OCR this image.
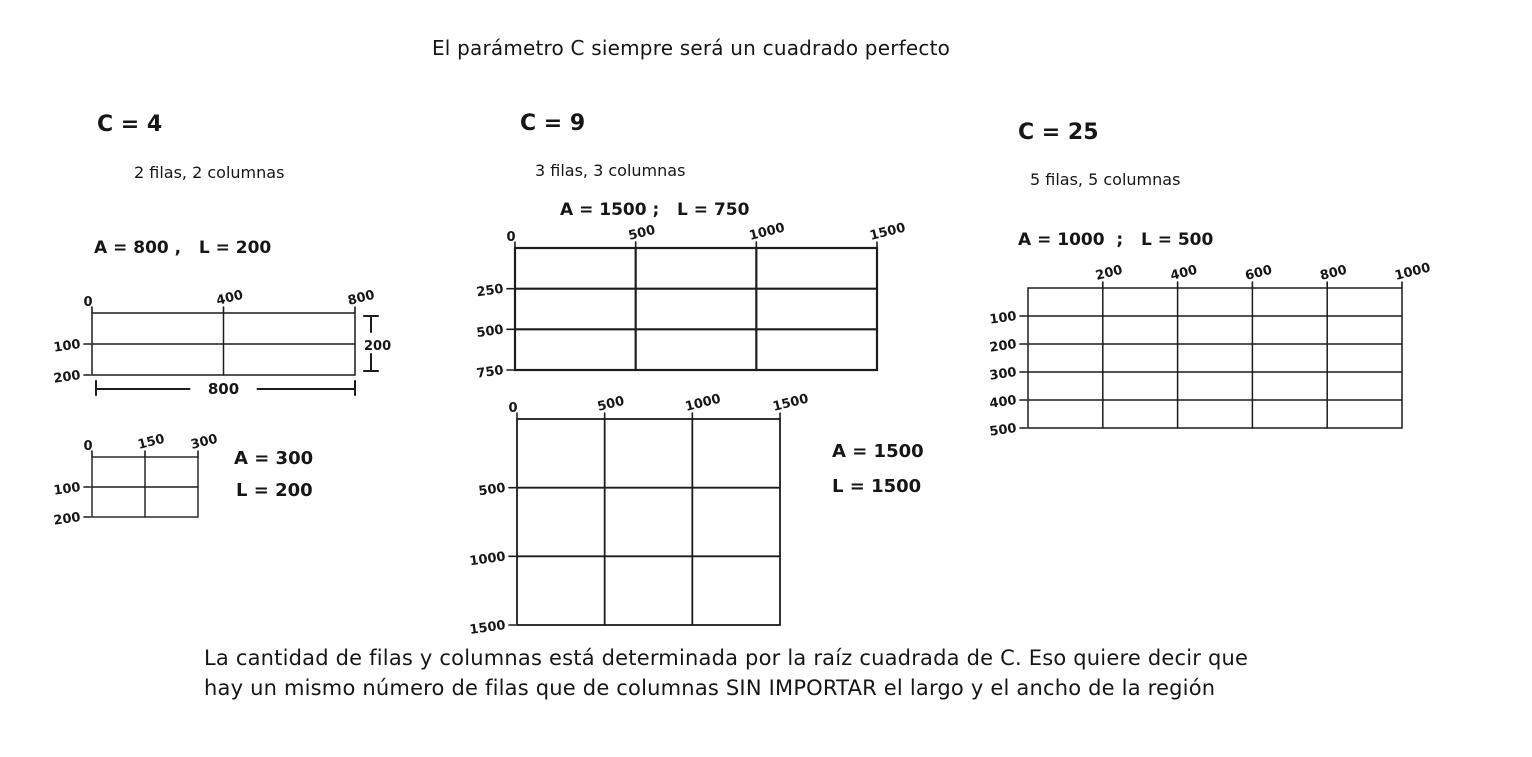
0	400	800
100
200
200
800
0	150 300
100
200
0	500	1000	1500
250
500
750
0	500	1000	1500
500
1000
1500
200	400	600	800	1000
100
200
300
400
500
El parámetro C siempre será un cuadrado perfecto
C = 4
2 filas, 2 columnas
A = 800 ,   L = 200
C = 9
3 filas, 3 columnas
A = 1500 ;   L = 750
C = 25
5 filas, 5 columnas
A = 1000  ;   L = 500
A = 300
L = 200
A = 1500
L = 1500
La cantidad de filas y columnas está determinada por la raíz cuadrada de C. Eso quiere decir que
hay un mismo número de filas que de columnas SIN IMPORTAR el largo y el ancho de la región
